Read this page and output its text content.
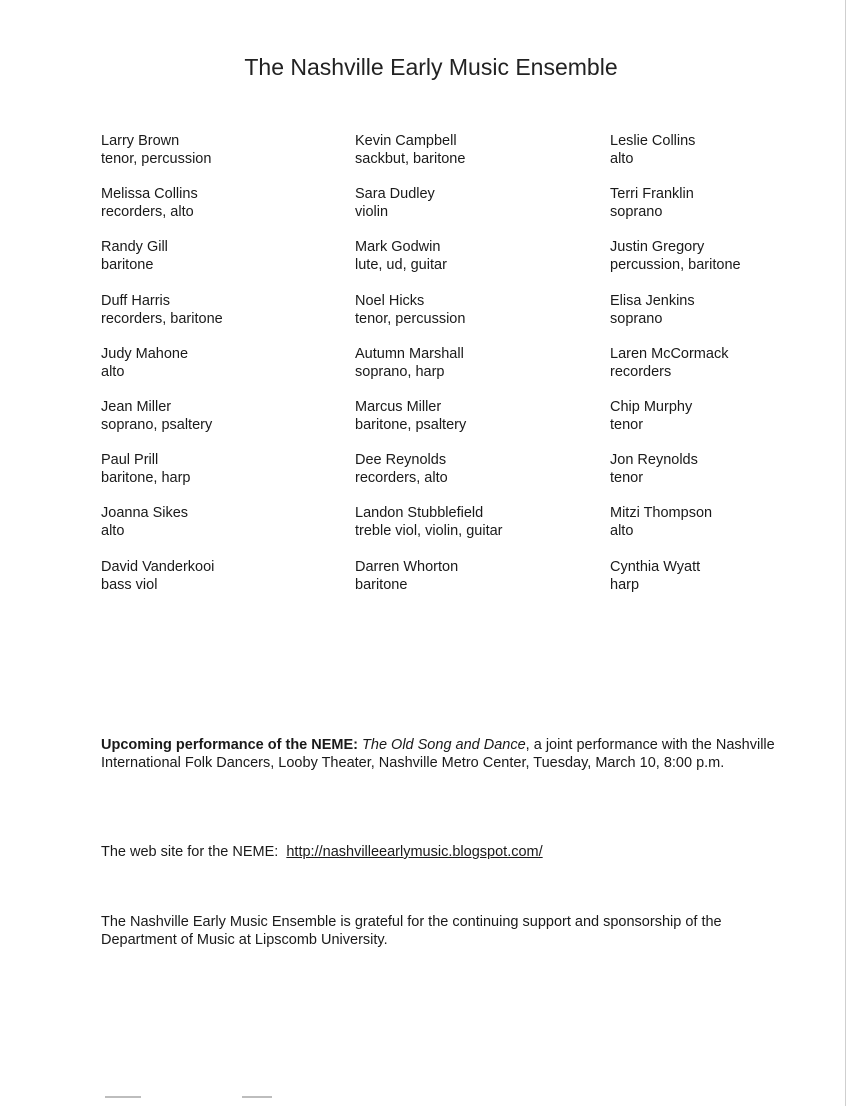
The Nashville Early Music Ensemble
Larry Brown
tenor, percussion
Melissa Collins
recorders, alto
Randy Gill
baritone
Duff Harris
recorders, baritone
Judy Mahone
alto
Jean Miller
soprano, psaltery
Paul Prill
baritone, harp
Joanna Sikes
alto
David Vanderkooi
bass viol
Kevin Campbell
sackbut, baritone
Sara Dudley
violin
Mark Godwin
lute, ud, guitar
Noel Hicks
tenor, percussion
Autumn Marshall
soprano, harp
Marcus Miller
baritone, psaltery
Dee Reynolds
recorders, alto
Landon Stubblefield
treble viol, violin, guitar
Darren Whorton
baritone
Leslie Collins
alto
Terri Franklin
soprano
Justin Gregory
percussion, baritone
Elisa Jenkins
soprano
Laren McCormack
recorders
Chip Murphy
tenor
Jon Reynolds
tenor
Mitzi Thompson
alto
Cynthia Wyatt
harp
Upcoming performance of the NEME: The Old Song and Dance, a joint performance with the Nashville International Folk Dancers, Looby Theater, Nashville Metro Center, Tuesday, March 10, 8:00 p.m.
The web site for the NEME: http://nashvilleearlymusic.blogspot.com/
The Nashville Early Music Ensemble is grateful for the continuing support and sponsorship of the Department of Music at Lipscomb University.
